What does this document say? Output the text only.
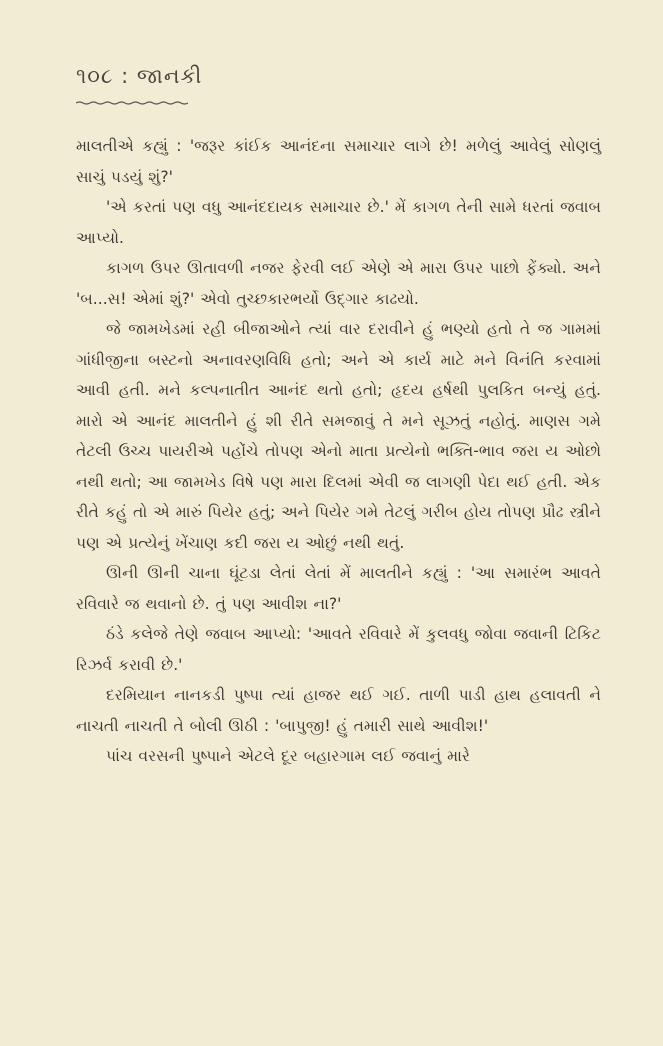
૧૦૮ : જાનકી

માલતીએ કહ્યું : 'જરૂર કાંઈક આનંદના સમાચાર લાગે છે! મળેલું આવેલું સોણલું સાચું પડયું શું?'

'એ કરતાં પણ વધુ આનંદદાયક સમાચાર છે.' મેં કાગળ તેની સામે ધરતાં જવાબ આપ્યો.

કાગળ ઉપર ઊતાવળી નજર ફેરવી લઈ એણે એ મારા ઉપર પાછો ફેંક્યો. અને 'બ...સ! એમાં શું?' એવો તુચ્છકારભર્યો ઉદ્ગાર કાઢયો.

જે જામખેડમાં રહી બીજાઓને ત્યાં વાર દરાવીને હું ભણ્યો હતો તે જ ગામમાં ગાંધીજીના બસ્ટનો અનાવરણવિધિ હતો; અને એ કાર્ય માટે મને વિનંતિ કરવામાં આવી હતી. મને કલ્પનાતીત આનંદ થતો હતો; હૃદય હર્ષથી પુલકિત બન્યું હતું. મારો એ આનંદ માલતીને હું શી રીતે સમજાવું તે મને સૂઝતું નહોતું. માણસ ગમે તેટલી ઉચ્ચ પાયરીએ પહોંચે તોપણ એનો માતા પ્રત્યેનો ભક્તિ-ભાવ જરા ય ઓછો નથી થતો; આ જામખેડ વિષે પણ મારા દિલમાં એવી જ લાગણી પેદા થઈ હતી. એક રીતે કહું તો એ મારું પિયેર હતું; અને પિયેર ગમે તેટલું ગરીબ હોય તોપણ પ્રૌઢ સ્ત્રીને પણ એ પ્રત્યેનું ખેંચાણ કદી જરા ય ઓછું નથી થતું.

ઊની ઊની ચાના ઘૂંટડા લેતાં લેતાં મેં માલતીને કહ્યું : 'આ સમારંભ આવતે રવિવારે જ થવાનો છે. તું પણ આવીશ ના?'

ઠંડે કલેજે તેણે જવાબ આપ્યો: 'આવતે રવિવારે મેં કુલવધુ જોવા જવાની ટિકિટ રિઝર્વ કરાવી છે.'

દરમિયાન નાનકડી પુષ્પા ત્યાં હાજર થઈ ગઈ. તાળી પાડી હાથ હલાવતી ને નાચતી નાચતી તે બોલી ઊઠી : 'બાપુજી! હું તમારી સાથે આવીશ!'

પાંચ વરસની પુષ્પાને એટલે દૂર બહારગામ લઈ જવાનું મારે
